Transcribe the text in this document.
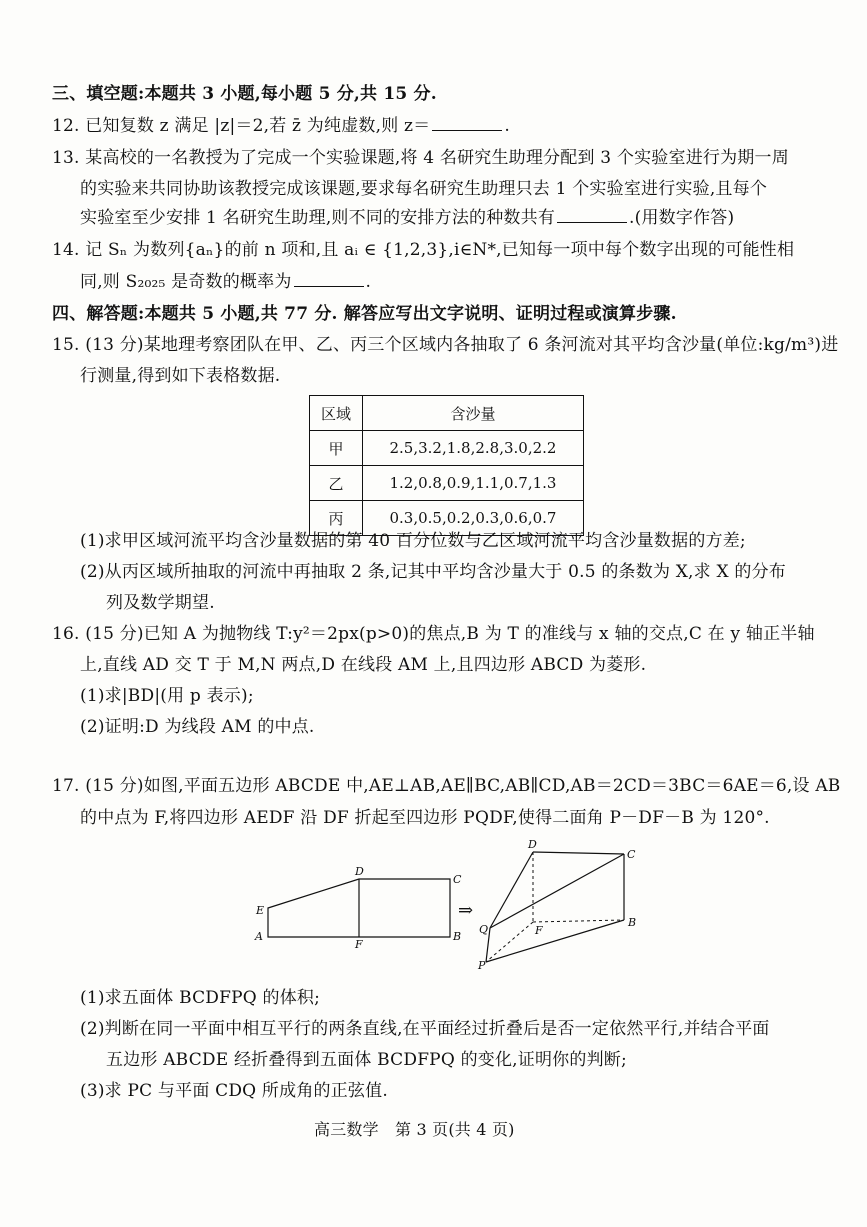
三、填空题:本题共 3 小题,每小题 5 分,共 15 分.
12. 已知复数 z 满足 |z|＝2,若 z̄ 为纯虚数,则 z＝	.
13. 某高校的一名教授为了完成一个实验课题,将 4 名研究生助理分配到 3 个实验室进行为期一周
的实验来共同协助该教授完成该课题,要求每名研究生助理只去 1 个实验室进行实验,且每个
实验室至少安排 1 名研究生助理,则不同的安排方法的种数共有	.(用数字作答)
14. 记 Sₙ 为数列{aₙ}的前 n 项和,且 aᵢ ∈ {1,2,3},i∈N*,已知每一项中每个数字出现的可能性相
同,则 S₂₀₂₅ 是奇数的概率为	.
四、解答题:本题共 5 小题,共 77 分. 解答应写出文字说明、证明过程或演算步骤.
15. (13 分)某地理考察团队在甲、乙、丙三个区域内各抽取了 6 条河流对其平均含沙量(单位:kg/m³)进
行测量,得到如下表格数据.
区域	含沙量
甲	2.5,3.2,1.8,2.8,3.0,2.2
乙	1.2,0.8,0.9,1.1,0.7,1.3
丙	0.3,0.5,0.2,0.3,0.6,0.7
(1)求甲区域河流平均含沙量数据的第 40 百分位数与乙区域河流平均含沙量数据的方差;
(2)从丙区域所抽取的河流中再抽取 2 条,记其中平均含沙量大于 0.5 的条数为 X,求 X 的分布
列及数学期望.
16. (15 分)已知 A 为抛物线 T:y²＝2px(p>0)的焦点,B 为 T 的准线与 x 轴的交点,C 在 y 轴正半轴
上,直线 AD 交 T 于 M,N 两点,D 在线段 AM 上,且四边形 ABCD 为菱形.
(1)求|BD|(用 p 表示);
(2)证明:D 为线段 AM 的中点.
17. (15 分)如图,平面五边形 ABCDE 中,AE⊥AB,AE∥BC,AB∥CD,AB＝2CD＝3BC＝6AE＝6,设 AB
的中点为 F,将四边形 AEDF 沿 DF 折起至四边形 PQDF,使得二面角 P－DF－B 为 120°.
E
A
D
F
C
B
⇒
D
C
Q	F
B
P
(1)求五面体 BCDFPQ 的体积;
(2)判断在同一平面中相互平行的两条直线,在平面经过折叠后是否一定依然平行,并结合平面
五边形 ABCDE 经折叠得到五面体 BCDFPQ 的变化,证明你的判断;
(3)求 PC 与平面 CDQ 所成角的正弦值.
高三数学　第 3 页(共 4 页)
